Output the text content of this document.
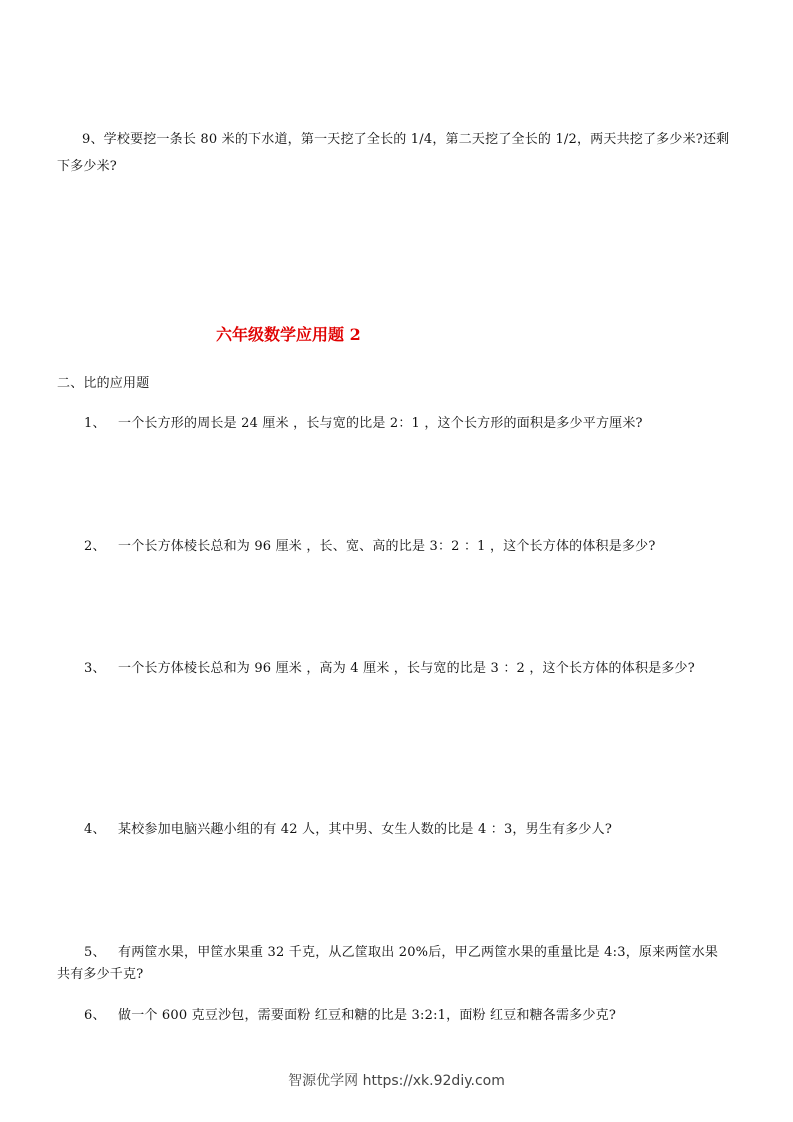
9、学校要挖一条长 80 米的下水道，第一天挖了全长的 1/4，第二天挖了全长的 1/2，两天共挖了多少米?还剩
下多少米?
六年级数学应用题 2
二、比的应用题
1、 一个长方形的周长是 24 厘米 ，长与宽的比是 2：1 ，这个长方形的面积是多少平方厘米?
2、 一个长方体棱长总和为 96 厘米 ，长、宽、高的比是 3：2 ：1 ，这个长方体的体积是多少?
3、 一个长方体棱长总和为 96 厘米 ，高为 4 厘米 ，长与宽的比是 3 ：2 ，这个长方体的体积是多少?
4、 某校参加电脑兴趣小组的有 42 人，其中男、女生人数的比是 4 ：3，男生有多少人?
5、 有两筐水果，甲筐水果重 32 千克，从乙筐取出 20%后，甲乙两筐水果的重量比是 4:3，原来两筐水果
共有多少千克?
6、 做一个 600 克豆沙包，需要面粉 红豆和糖的比是 3:2:1，面粉 红豆和糖各需多少克?
智源优学网 https://xk.92diy.com
